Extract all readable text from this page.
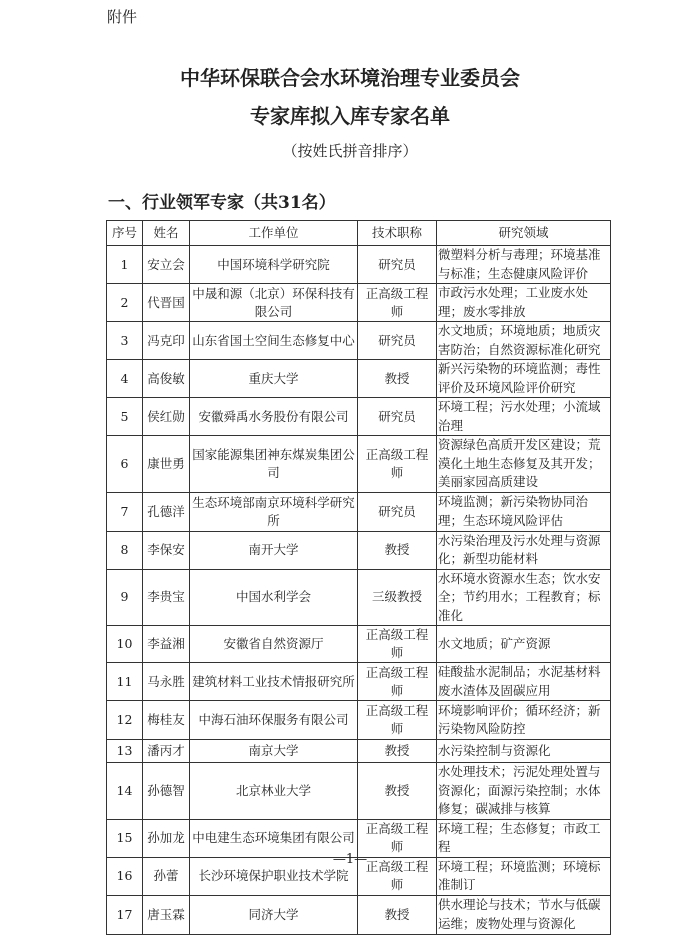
附件
中华环保联合会水环境治理专业委员会
专家库拟入库专家名单
（按姓氏拼音排序）
一、行业领军专家（共31名）
序号	姓名	工作单位	技术职称	研究领域
1	安立会	中国环境科学研究院	研究员	微塑料分析与毒理；环境基准与标准；生态健康风险评价
2	代晋国	中晟和源（北京）环保科技有限公司	正高级工程师	市政污水处理；工业废水处理；废水零排放
3	冯克印	山东省国土空间生态修复中心	研究员	水文地质；环境地质；地质灾害防治；自然资源标准化研究
4	高俊敏	重庆大学	教授	新兴污染物的环境监测；毒性评价及环境风险评价研究
5	侯红勋	安徽舜禹水务股份有限公司	研究员	环境工程；污水处理；小流域治理
6	康世勇	国家能源集团神东煤炭集团公司	正高级工程师	资源绿色高质开发区建设；荒漠化土地生态修复及其开发；美丽家园高质建设
7	孔德洋	生态环境部南京环境科学研究所	研究员	环境监测；新污染物协同治理；生态环境风险评估
8	李保安	南开大学	教授	水污染治理及污水处理与资源化；新型功能材料
9	李贵宝	中国水利学会	三级教授	水环境水资源水生态；饮水安全；节约用水；工程教育；标准化
10	李益湘	安徽省自然资源厅	正高级工程师	水文地质；矿产资源
11	马永胜	建筑材料工业技术情报研究所	正高级工程师	硅酸盐水泥制品；水泥基材料废水渣体及固碳应用
12	梅桂友	中海石油环保服务有限公司	正高级工程师	环境影响评价；循环经济；新污染物风险防控
13	潘丙才	南京大学	教授	水污染控制与资源化
14	孙德智	北京林业大学	教授	水处理技术；污泥处理处置与资源化；面源污染控制；水体修复；碳减排与核算
15	孙加龙	中电建生态环境集团有限公司	正高级工程师	环境工程；生态修复；市政工程
16	孙蕾	长沙环境保护职业技术学院	正高级工程师	环境工程；环境监测；环境标准制订
17	唐玉霖	同济大学	教授	供水理论与技术；节水与低碳运维；废物处理与资源化
—1—
